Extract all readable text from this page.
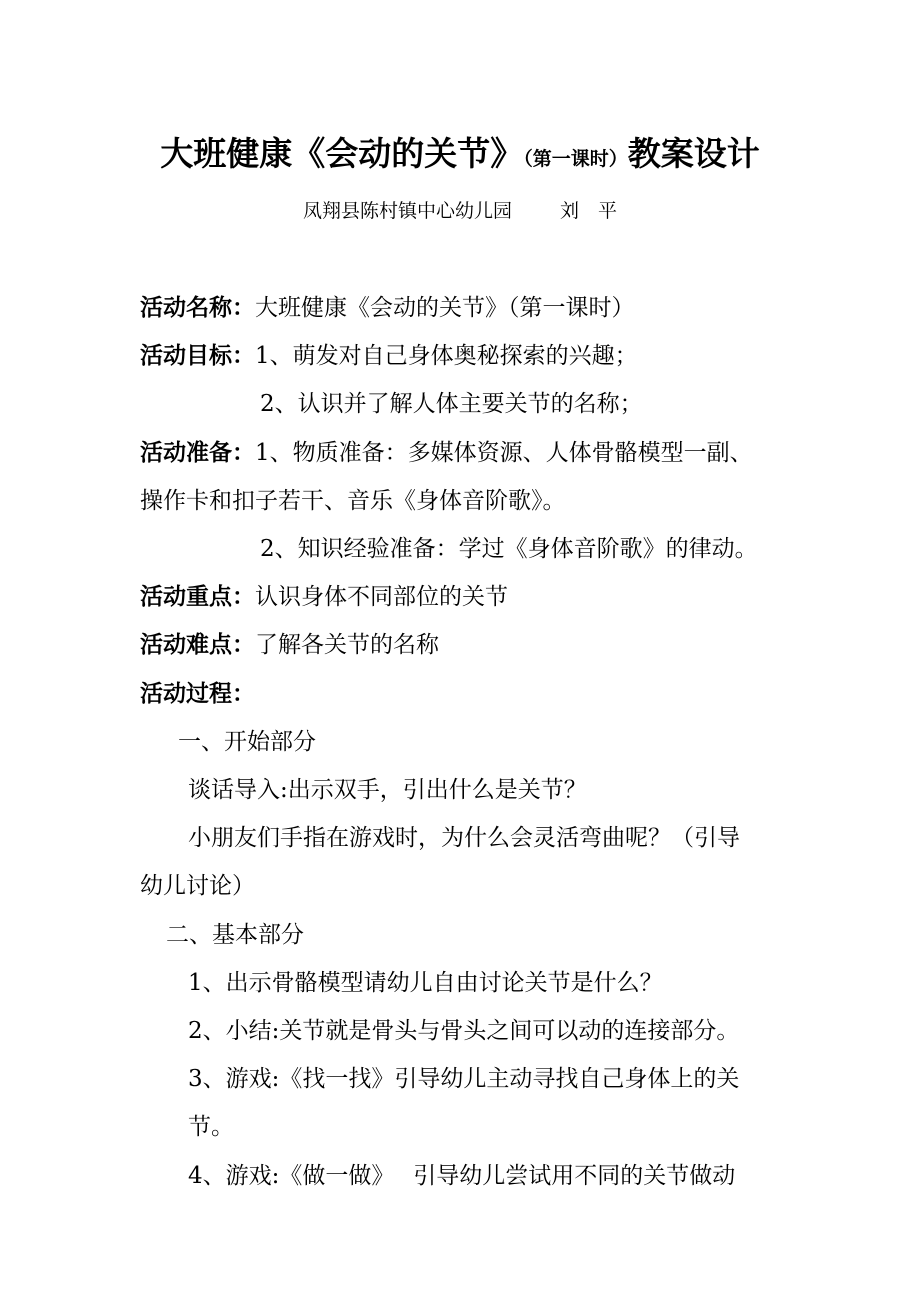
大班健康《会动的关节》（第一课时）教案设计
凤翔县陈村镇中心幼儿园	刘　平
活动名称：大班健康《会动的关节》（第一课时）
活动目标：1、萌发对自己身体奥秘探索的兴趣；
2、认识并了解人体主要关节的名称；
活动准备：1、物质准备：多媒体资源、人体骨骼模型一副、
操作卡和扣子若干、音乐《身体音阶歌》。
2、知识经验准备：学过《身体音阶歌》的律动。
活动重点：认识身体不同部位的关节
活动难点：了解各关节的名称
活动过程：
一、开始部分
谈话导入:出示双手，引出什么是关节？
小朋友们手指在游戏时，为什么会灵活弯曲呢？（引导
幼儿讨论）
二、基本部分
1、出示骨骼模型请幼儿自由讨论关节是什么？
2、小结:关节就是骨头与骨头之间可以动的连接部分。
3、游戏:《找一找》引导幼儿主动寻找自己身体上的关
节。
4、游戏:《做一做》　 引导幼儿尝试用不同的关节做动
